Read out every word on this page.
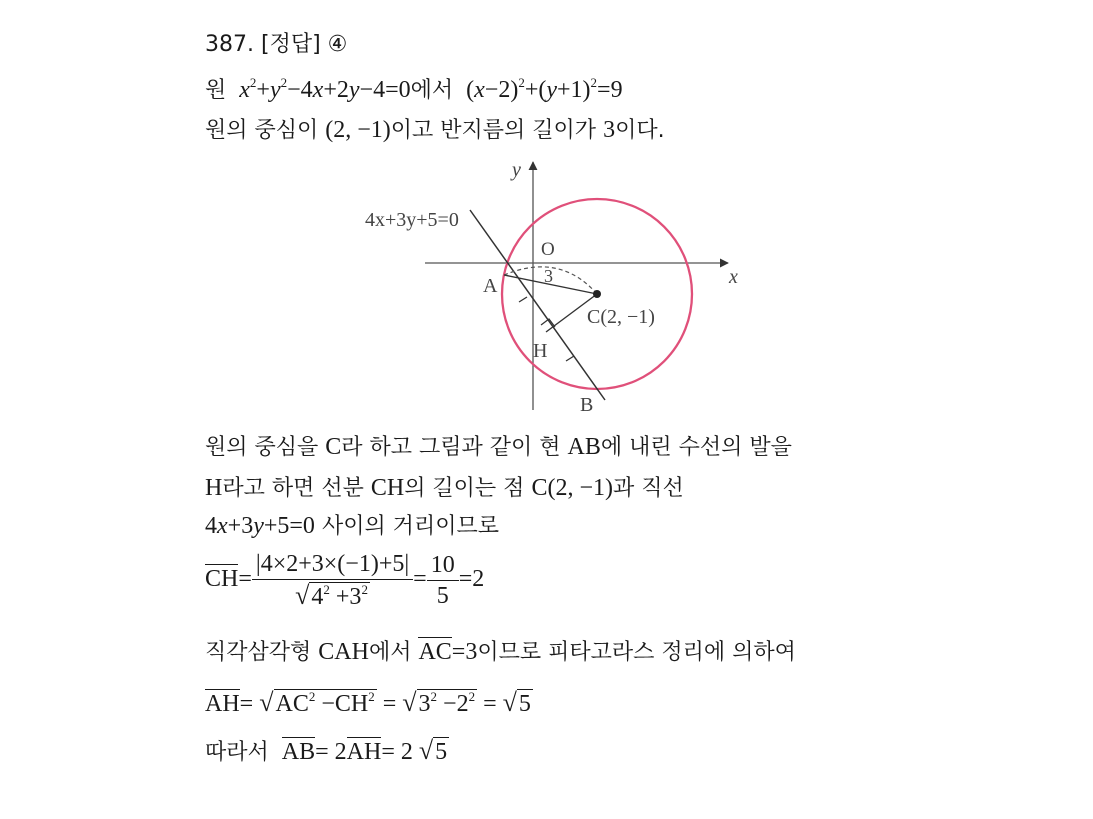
387. [정답] ④
원 $x^2+y^2-4x+2y-4=0$에서  $(x-2)^2+(y+1)^2=9$
원의 중심이 (2, −1)이고 반지름의 길이가 3이다.
y
x
O
4x+3y+5=0
3
A
C(2, −1)
H
B
원의 중심을 C라 하고 그림과 같이 현 AB에 내린 수선의 발을
H라고 하면 선분 CH의 길이는 점 C(2, −1)과 직선
4x+3y+5=0 사이의 거리이므로
$CH= \frac{|4\times 2+3\times(-1)+5|}{√4^2 +3^2} = \frac{10}{5} =2$
직각삼각형 CAH에서 AC=3이므로 피타고라스 정리에 의하여
$AH= √AC^2 -CH^2 = √3^2 -2^2 = √5$
따라서 AB= 2AH= 2 √5
